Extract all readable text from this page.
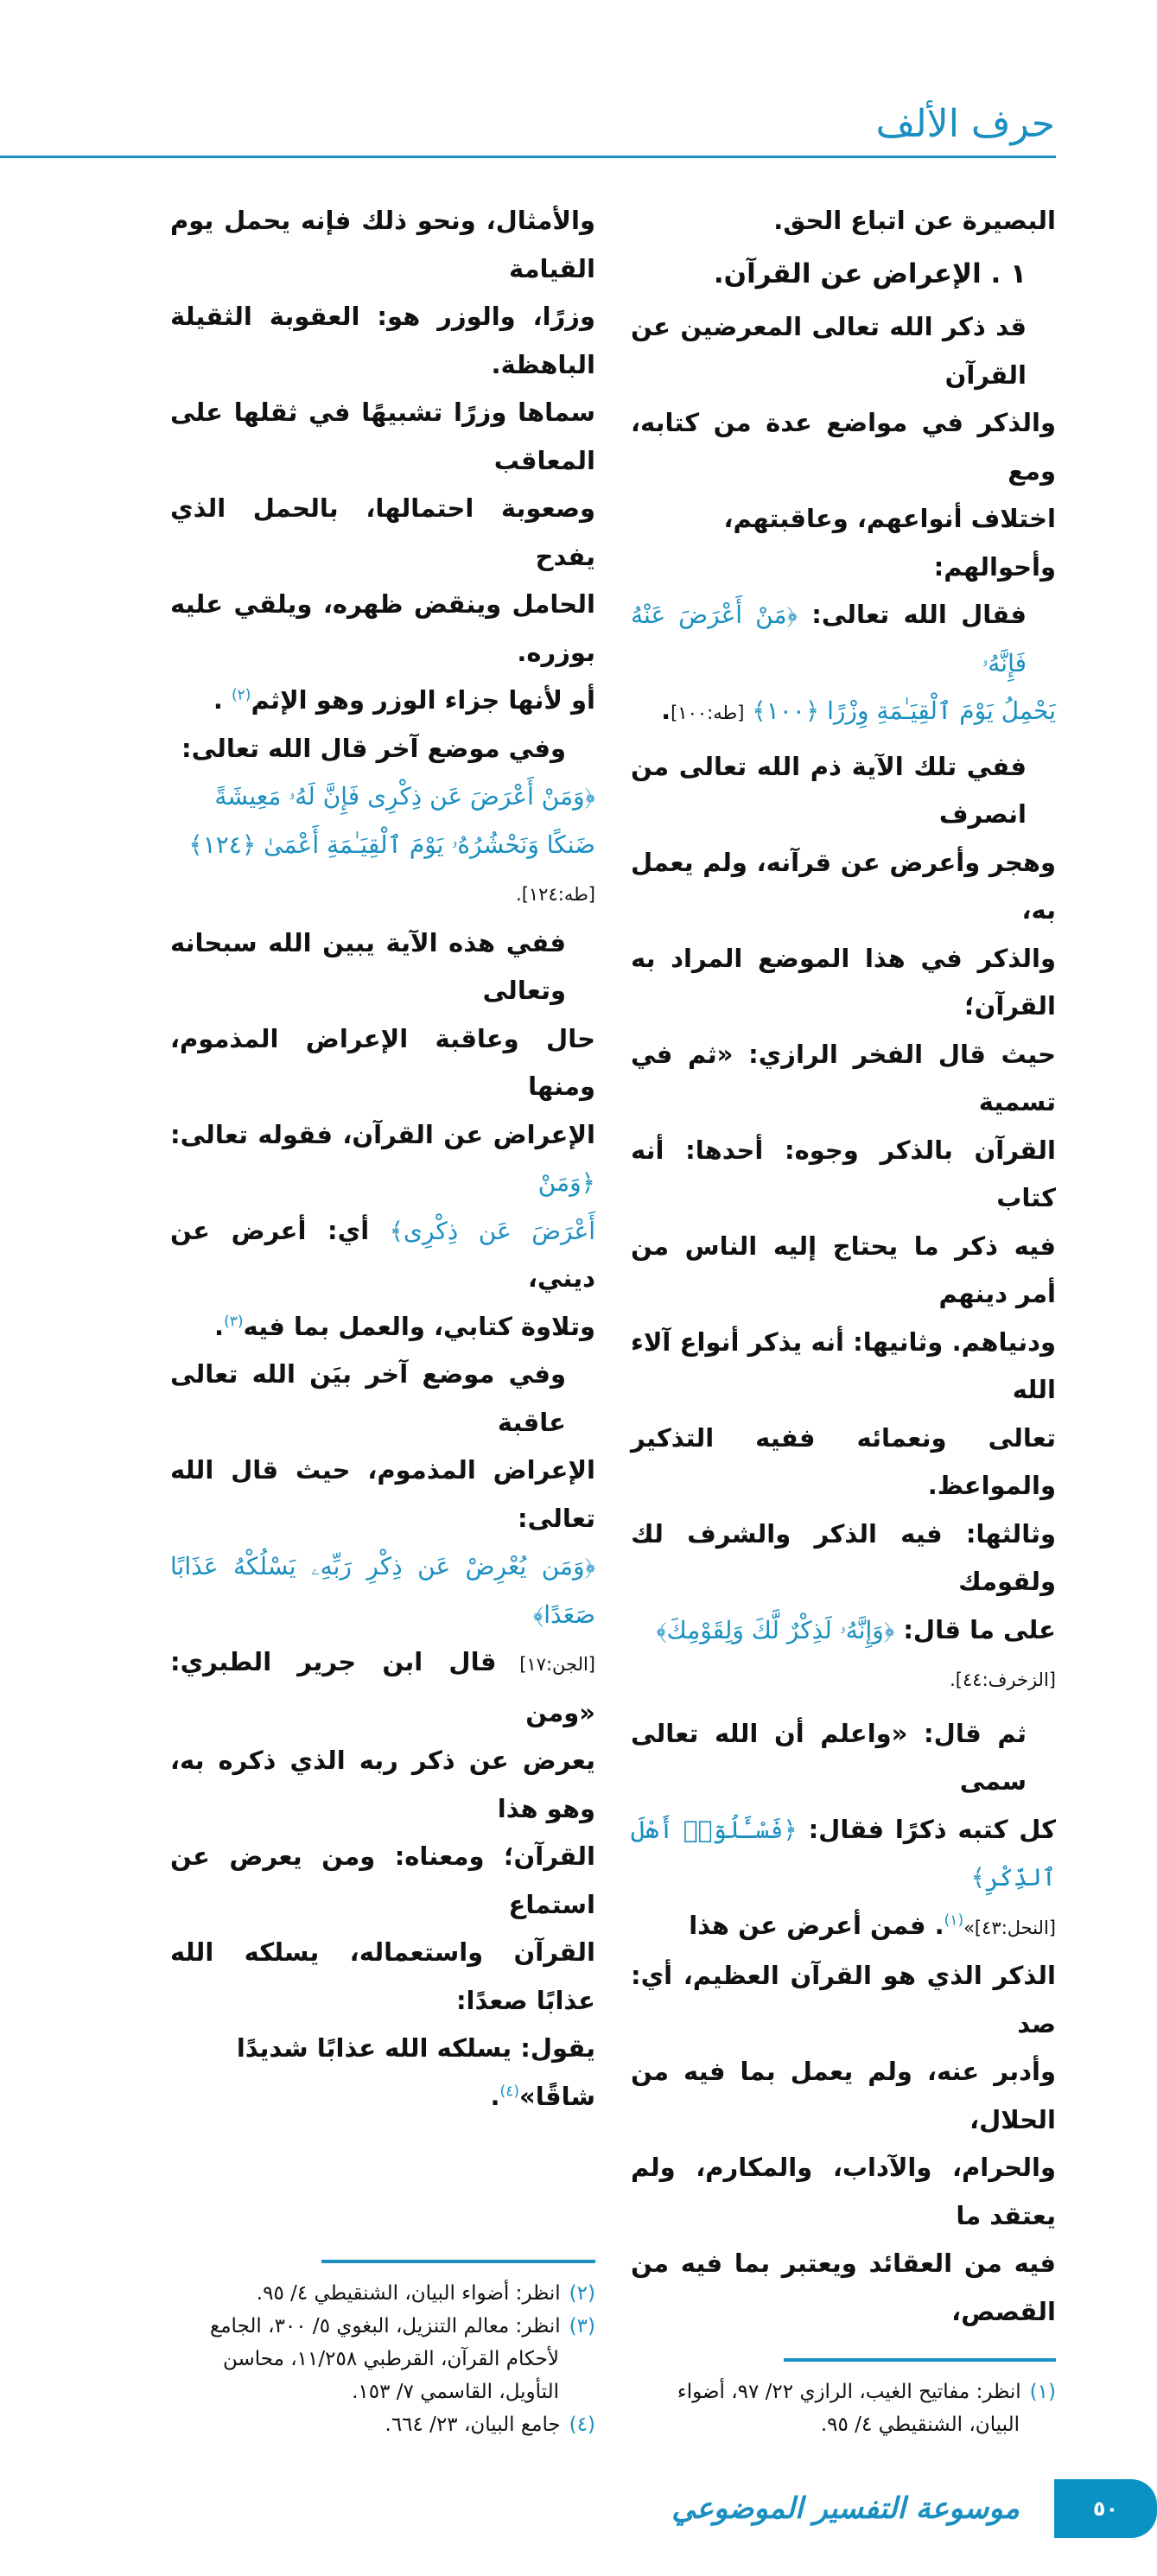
حرف الألف
البصيرة عن اتباع الحق.
١ . الإعراض عن القرآن.
قد ذكر الله تعالى المعرضين عن القرآن
والذكر في مواضع عدة من كتابه، ومع
اختلاف أنواعهم، وعاقبتهم، وأحوالهم:
فقال الله تعالى: ﴿مَنْ أَعْرَضَ عَنْهُ فَإِنَّهُۥ
يَحْمِلُ يَوْمَ ٱلْقِيَـٰمَةِ وِزْرًا ﴿١٠٠﴾ [طه:١٠٠].
ففي تلك الآية ذم الله تعالى من انصرف
وهجر وأعرض عن قرآنه، ولم يعمل به،
والذكر في هذا الموضع المراد به القرآن؛
حيث قال الفخر الرازي: «ثم في تسمية
القرآن بالذكر وجوه: أحدها: أنه كتاب
فيه ذكر ما يحتاج إليه الناس من أمر دينهم
ودنياهم. وثانيها: أنه يذكر أنواع آلاء الله
تعالى ونعمائه ففيه التذكير والمواعظ.
وثالثها: فيه الذكر والشرف لك ولقومك
على ما قال: ﴿وَإِنَّهُۥ لَذِكْرٌ لَّكَ وَلِقَوْمِكَ﴾
[الزخرف:٤٤].
ثم قال: «واعلم أن الله تعالى سمى
كل كتبه ذكرًا فقال: ﴿فَسْـَٔلُوٓا۟ أَهْلَ ٱلذِّكْرِ﴾
[النحل:٤٣]»$^{(١)}$. فمن أعرض عن هذا
الذكر الذي هو القرآن العظيم، أي: صد
وأدبر عنه، ولم يعمل بما فيه من الحلال،
والحرام، والآداب، والمكارم، ولم يعتقد ما
فيه من العقائد ويعتبر بما فيه من القصص،
(١)انظر: مفاتيح الغيب، الرازي ٢٢/ ٩٧، أضواء
البيان، الشنقيطي ٤/ ٩٥.
والأمثال، ونحو ذلك فإنه يحمل يوم القيامة
وزرًا، والوزر هو: العقوبة الثقيلة الباهظة.
سماها وزرًا تشبيهًا في ثقلها على المعاقب
وصعوبة احتمالها، بالحمل الذي يفدح
الحامل وينقض ظهره، ويلقي عليه بوزره.
أو لأنها جزاء الوزر وهو الإثم$^{(٢)}$ .
وفي موضع آخر قال الله تعالى:
﴿وَمَنْ أَعْرَضَ عَن ذِكْرِى فَإِنَّ لَهُۥ مَعِيشَةً
ضَنكًا وَنَحْشُرُهُۥ يَوْمَ ٱلْقِيَـٰمَةِ أَعْمَىٰ ﴿١٢٤﴾
[طه:١٢٤].
ففي هذه الآية يبين الله سبحانه وتعالى
حال وعاقبة الإعراض المذموم، ومنها
الإعراض عن القرآن، فقوله تعالى: ﴿وَمَنْ
أَعْرَضَ عَن ذِكْرِى﴾ أي: أعرض عن ديني،
وتلاوة كتابي، والعمل بما فيه$^{(٣)}$.
وفي موضع آخر بيَن الله تعالى عاقبة
الإعراض المذموم، حيث قال الله تعالى:
﴿وَمَن يُعْرِضْ عَن ذِكْرِ رَبِّهِۦ يَسْلُكْهُ عَذَابًا صَعَدًا﴾
[الجن:١٧] قال ابن جرير الطبري: «ومن
يعرض عن ذكر ربه الذي ذكره به، وهو هذا
القرآن؛ ومعناه: ومن يعرض عن استماع
القرآن واستعماله، يسلكه الله عذابًا صعدًا:
يقول: يسلكه الله عذابًا شديدًا شاقًا»$^{(٤)}$.
(٢)انظر: أضواء البيان، الشنقيطي ٤/ ٩٥.
(٣)انظر: معالم التنزيل، البغوي ٥/ ٣٠٠، الجامع
لأحكام القرآن، القرطبي ١١/٢٥٨، محاسن
التأويل، القاسمي ٧/ ١٥٣.
(٤)جامع البيان، ٢٣/ ٦٦٤.
٥٠
موسوعة التفسير الموضوعي
